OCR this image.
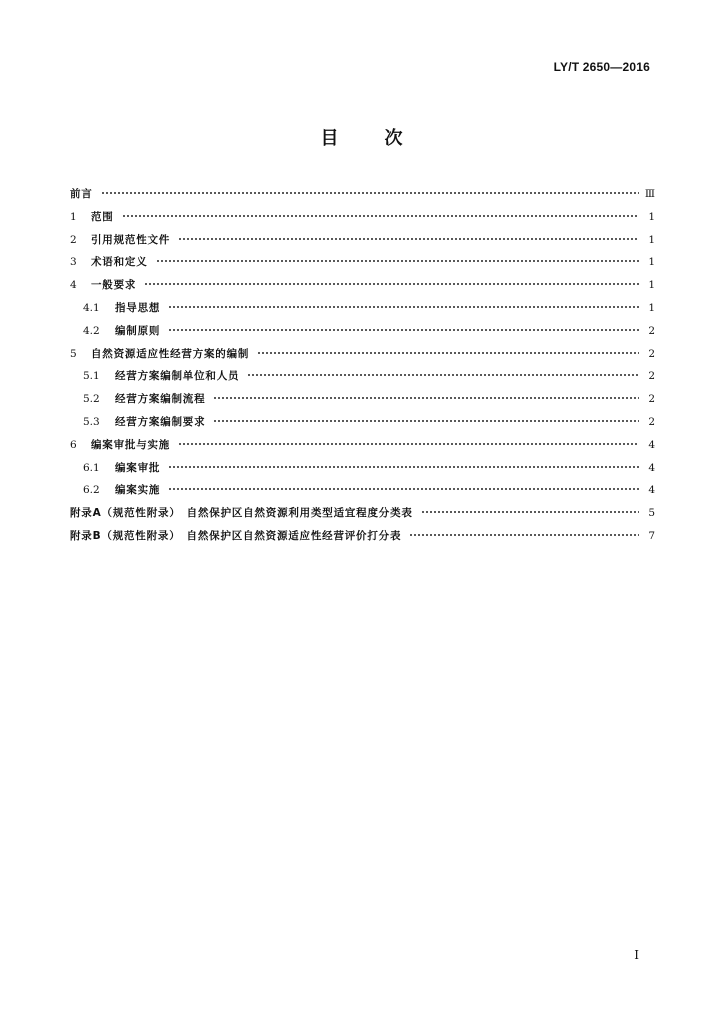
LY/T 2650—2016
目次
前言	Ⅲ
1	范围	1
2	引用规范性文件	1
3	术语和定义	1
4	一般要求	1
4.1	指导思想	1
4.2	编制原则	2
5	自然资源适应性经营方案的编制	2
5.1	经营方案编制单位和人员	2
5.2	经营方案编制流程	2
5.3	经营方案编制要求	2
6	编案审批与实施	4
6.1	编案审批	4
6.2	编案实施	4
附录A（规范性附录）　自然保护区自然资源利用类型适宜程度分类表	5
附录B（规范性附录）　自然保护区自然资源适应性经营评价打分表	7
I
